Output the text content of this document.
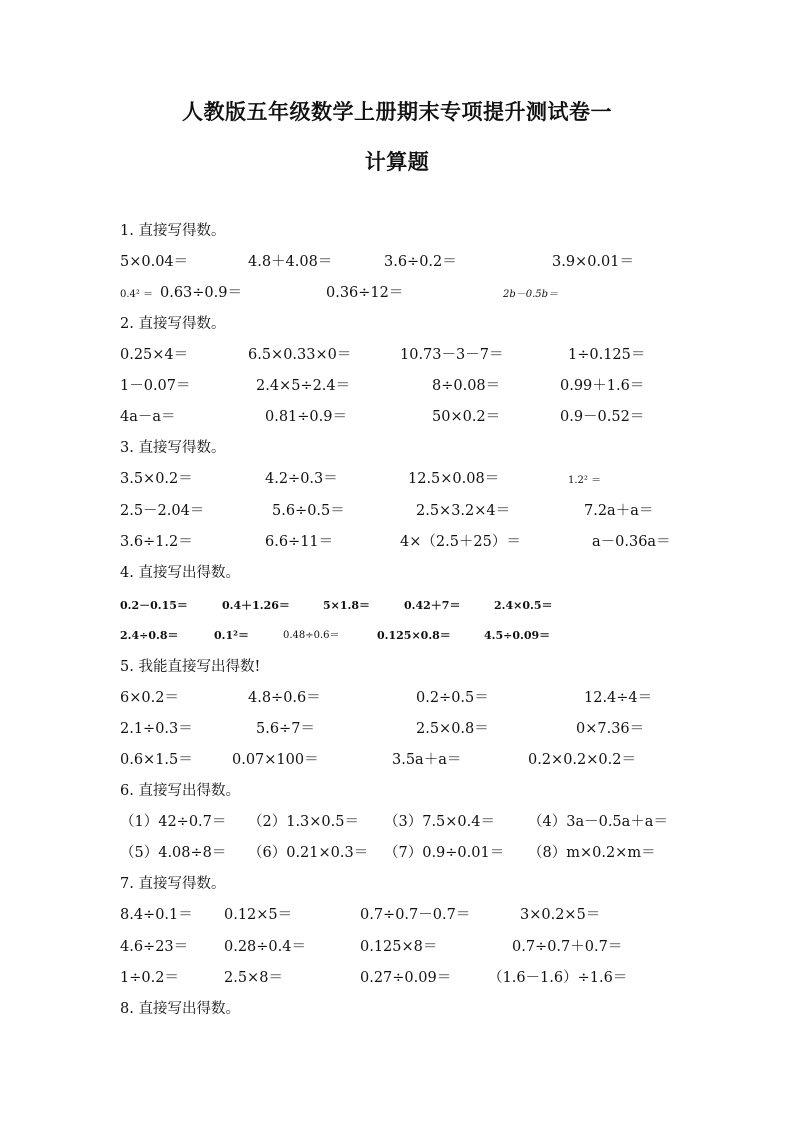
人教版五年级数学上册期末专项提升测试卷一
计算题
1. 直接写得数。
5×0.04＝	4.8＋4.08＝	3.6÷0.2＝	3.9×0.01＝
0.4² ＝ 0.63÷0.9＝	0.36÷12＝	2b－0.5b＝
2. 直接写得数。
0.25×4＝	6.5×0.33×0＝	10.73－3－7＝	1÷0.125＝
1－0.07＝	2.4×5÷2.4＝	8÷0.08＝	0.99＋1.6＝
4a－a＝	0.81÷0.9＝	50×0.2＝	0.9－0.52＝
3. 直接写得数。
3.5×0.2＝	4.2÷0.3＝	12.5×0.08＝	1.2² ＝
2.5－2.04＝	5.6÷0.5＝	2.5×3.2×4＝	7.2a＋a＝
3.6÷1.2＝	6.6÷11＝	4×（2.5＋25）＝	a－0.36a＝
4. 直接写出得数。
0.2－0.15＝	0.4＋1.26＝	5×1.8＝	0.42＋7＝	2.4×0.5＝
2.4÷0.8＝	0.1²＝	0.48÷0.6＝	0.125×0.8＝	4.5÷0.09＝
5. 我能直接写出得数!
6×0.2＝	4.8÷0.6＝	0.2÷0.5＝	12.4÷4＝
2.1÷0.3＝	5.6÷7＝	2.5×0.8＝	0×7.36＝
0.6×1.5＝	0.07×100＝	3.5a＋a＝	0.2×0.2×0.2＝
6. 直接写出得数。
（1）42÷0.7＝ （2）1.3×0.5＝ （3）7.5×0.4＝ （4）3a－0.5a＋a＝
（5）4.08÷8＝ （6）0.21×0.3＝ （7）0.9÷0.01＝ （8）m×0.2×m＝
7. 直接写得数。
8.4÷0.1＝ 0.12×5＝	0.7÷0.7－0.7＝	3×0.2×5＝
4.6÷23＝ 0.28÷0.4＝	0.125×8＝	0.7÷0.7＋0.7＝
1÷0.2＝	2.5×8＝	0.27÷0.09＝	（1.6－1.6）÷1.6＝
8. 直接写出得数。
